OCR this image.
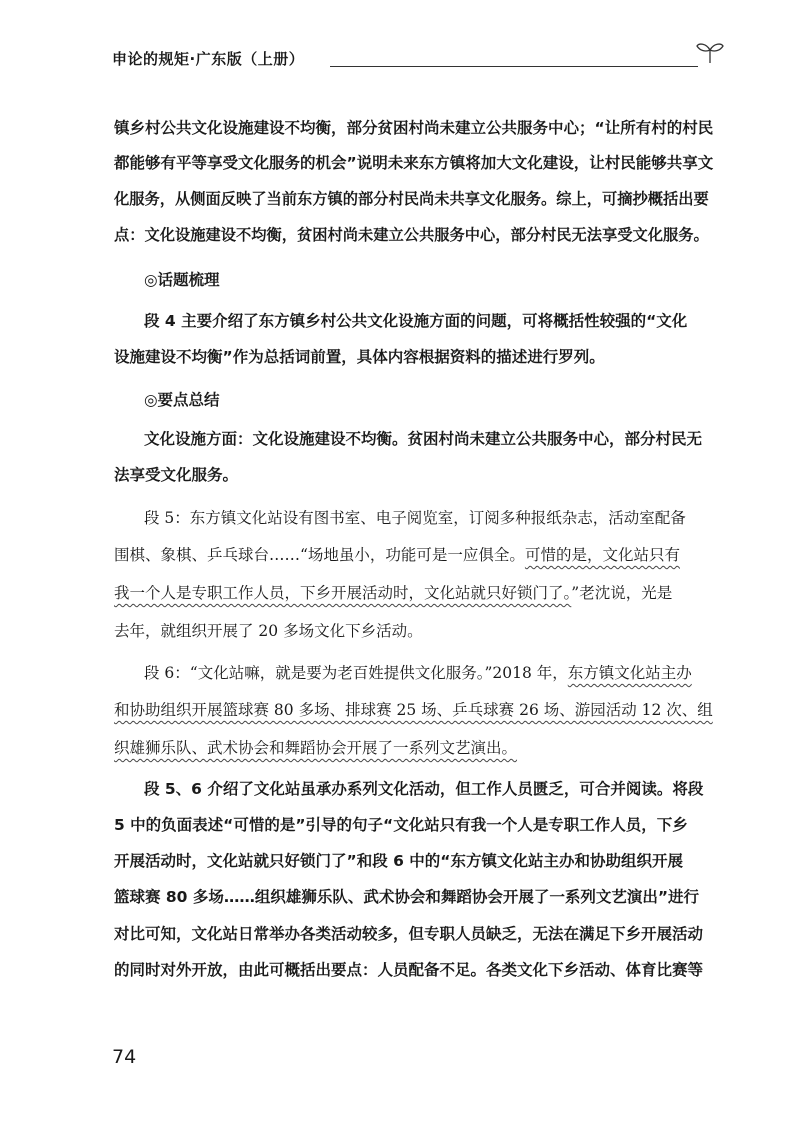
申论的规矩·广东版（上册）
镇乡村公共文化设施建设不均衡，部分贫困村尚未建立公共服务中心；“让所有村的村民
都能够有平等享受文化服务的机会”说明未来东方镇将加大文化建设，让村民能够共享文
化服务，从侧面反映了当前东方镇的部分村民尚未共享文化服务。综上，可摘抄概括出要
点：文化设施建设不均衡，贫困村尚未建立公共服务中心，部分村民无法享受文化服务。
◎话题梳理
段 4 主要介绍了东方镇乡村公共文化设施方面的问题，可将概括性较强的“文化
设施建设不均衡”作为总括词前置，具体内容根据资料的描述进行罗列。
◎要点总结
文化设施方面：文化设施建设不均衡。贫困村尚未建立公共服务中心，部分村民无
法享受文化服务。
段 5：东方镇文化站设有图书室、电子阅览室，订阅多种报纸杂志，活动室配备
围棋、象棋、乒乓球台……“场地虽小，功能可是一应俱全。可惜的是，文化站只有
我一个人是专职工作人员，下乡开展活动时，文化站就只好锁门了。”老沈说，光是
去年，就组织开展了 20 多场文化下乡活动。
段 6：“文化站嘛，就是要为老百姓提供文化服务。”2018 年，东方镇文化站主办
和协助组织开展篮球赛 80 多场、排球赛 25 场、乒乓球赛 26 场、游园活动 12 次、组
织雄狮乐队、武术协会和舞蹈协会开展了一系列文艺演出。
段 5、6 介绍了文化站虽承办系列文化活动，但工作人员匮乏，可合并阅读。将段
5 中的负面表述“可惜的是”引导的句子“文化站只有我一个人是专职工作人员，下乡
开展活动时，文化站就只好锁门了”和段 6 中的“东方镇文化站主办和协助组织开展
篮球赛 80 多场……组织雄狮乐队、武术协会和舞蹈协会开展了一系列文艺演出”进行
对比可知，文化站日常举办各类活动较多，但专职人员缺乏，无法在满足下乡开展活动
的同时对外开放，由此可概括出要点：人员配备不足。各类文化下乡活动、体育比赛等
74
